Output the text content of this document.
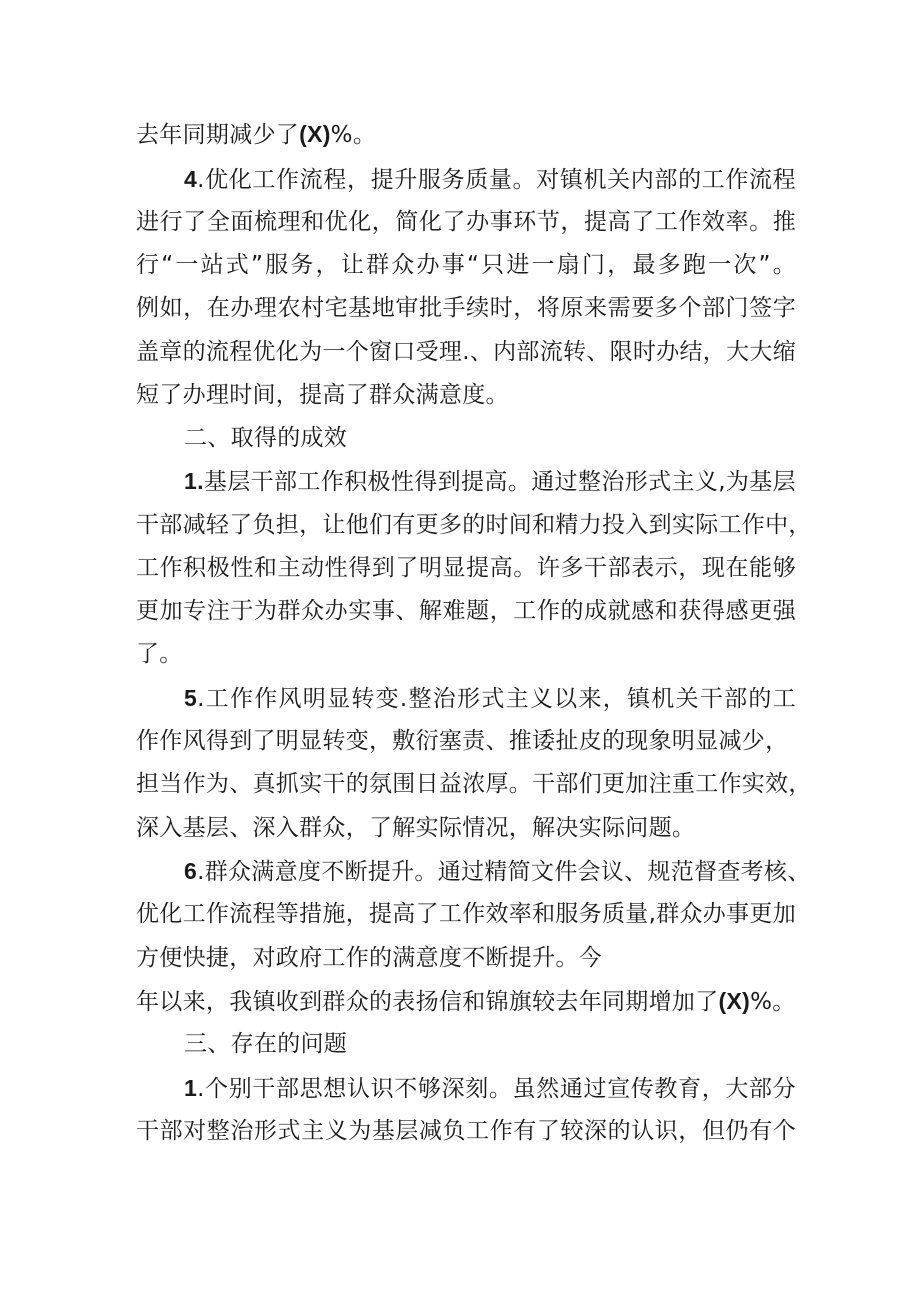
去年同期减少了(X)%。
4.优化工作流程，提升服务质量。对镇机关内部的工作流程
进行了全面梳理和优化，简化了办事环节，提高了工作效率。推
行“一站式”服务，让群众办事“只进一扇门，最多跑一次”。
例如，在办理农村宅基地审批手续时，将原来需要多个部门签字
盖章的流程优化为一个窗口受理.、内部流转、限时办结，大大缩
短了办理时间，提高了群众满意度。
二、取得的成效
1.基层干部工作积极性得到提高。通过整治形式主义,为基层
干部减轻了负担，让他们有更多的时间和精力投入到实际工作中，
工作积极性和主动性得到了明显提高。许多干部表示，现在能够
更加专注于为群众办实事、解难题，工作的成就感和获得感更强
了。
5.工作作风明显转变.整治形式主义以来，镇机关干部的工
作作风得到了明显转变，敷衍塞责、推诿扯皮的现象明显减少，
担当作为、真抓实干的氛围日益浓厚。干部们更加注重工作实效，
深入基层、深入群众，了解实际情况，解决实际问题。
6.群众满意度不断提升。通过精简文件会议、规范督查考核、
优化工作流程等措施，提高了工作效率和服务质量,群众办事更加
方便快捷，对政府工作的满意度不断提升。今
年以来，我镇收到群众的表扬信和锦旗较去年同期增加了(X)%。
三、存在的问题
1.个别干部思想认识不够深刻。虽然通过宣传教育，大部分
干部对整治形式主义为基层减负工作有了较深的认识，但仍有个
